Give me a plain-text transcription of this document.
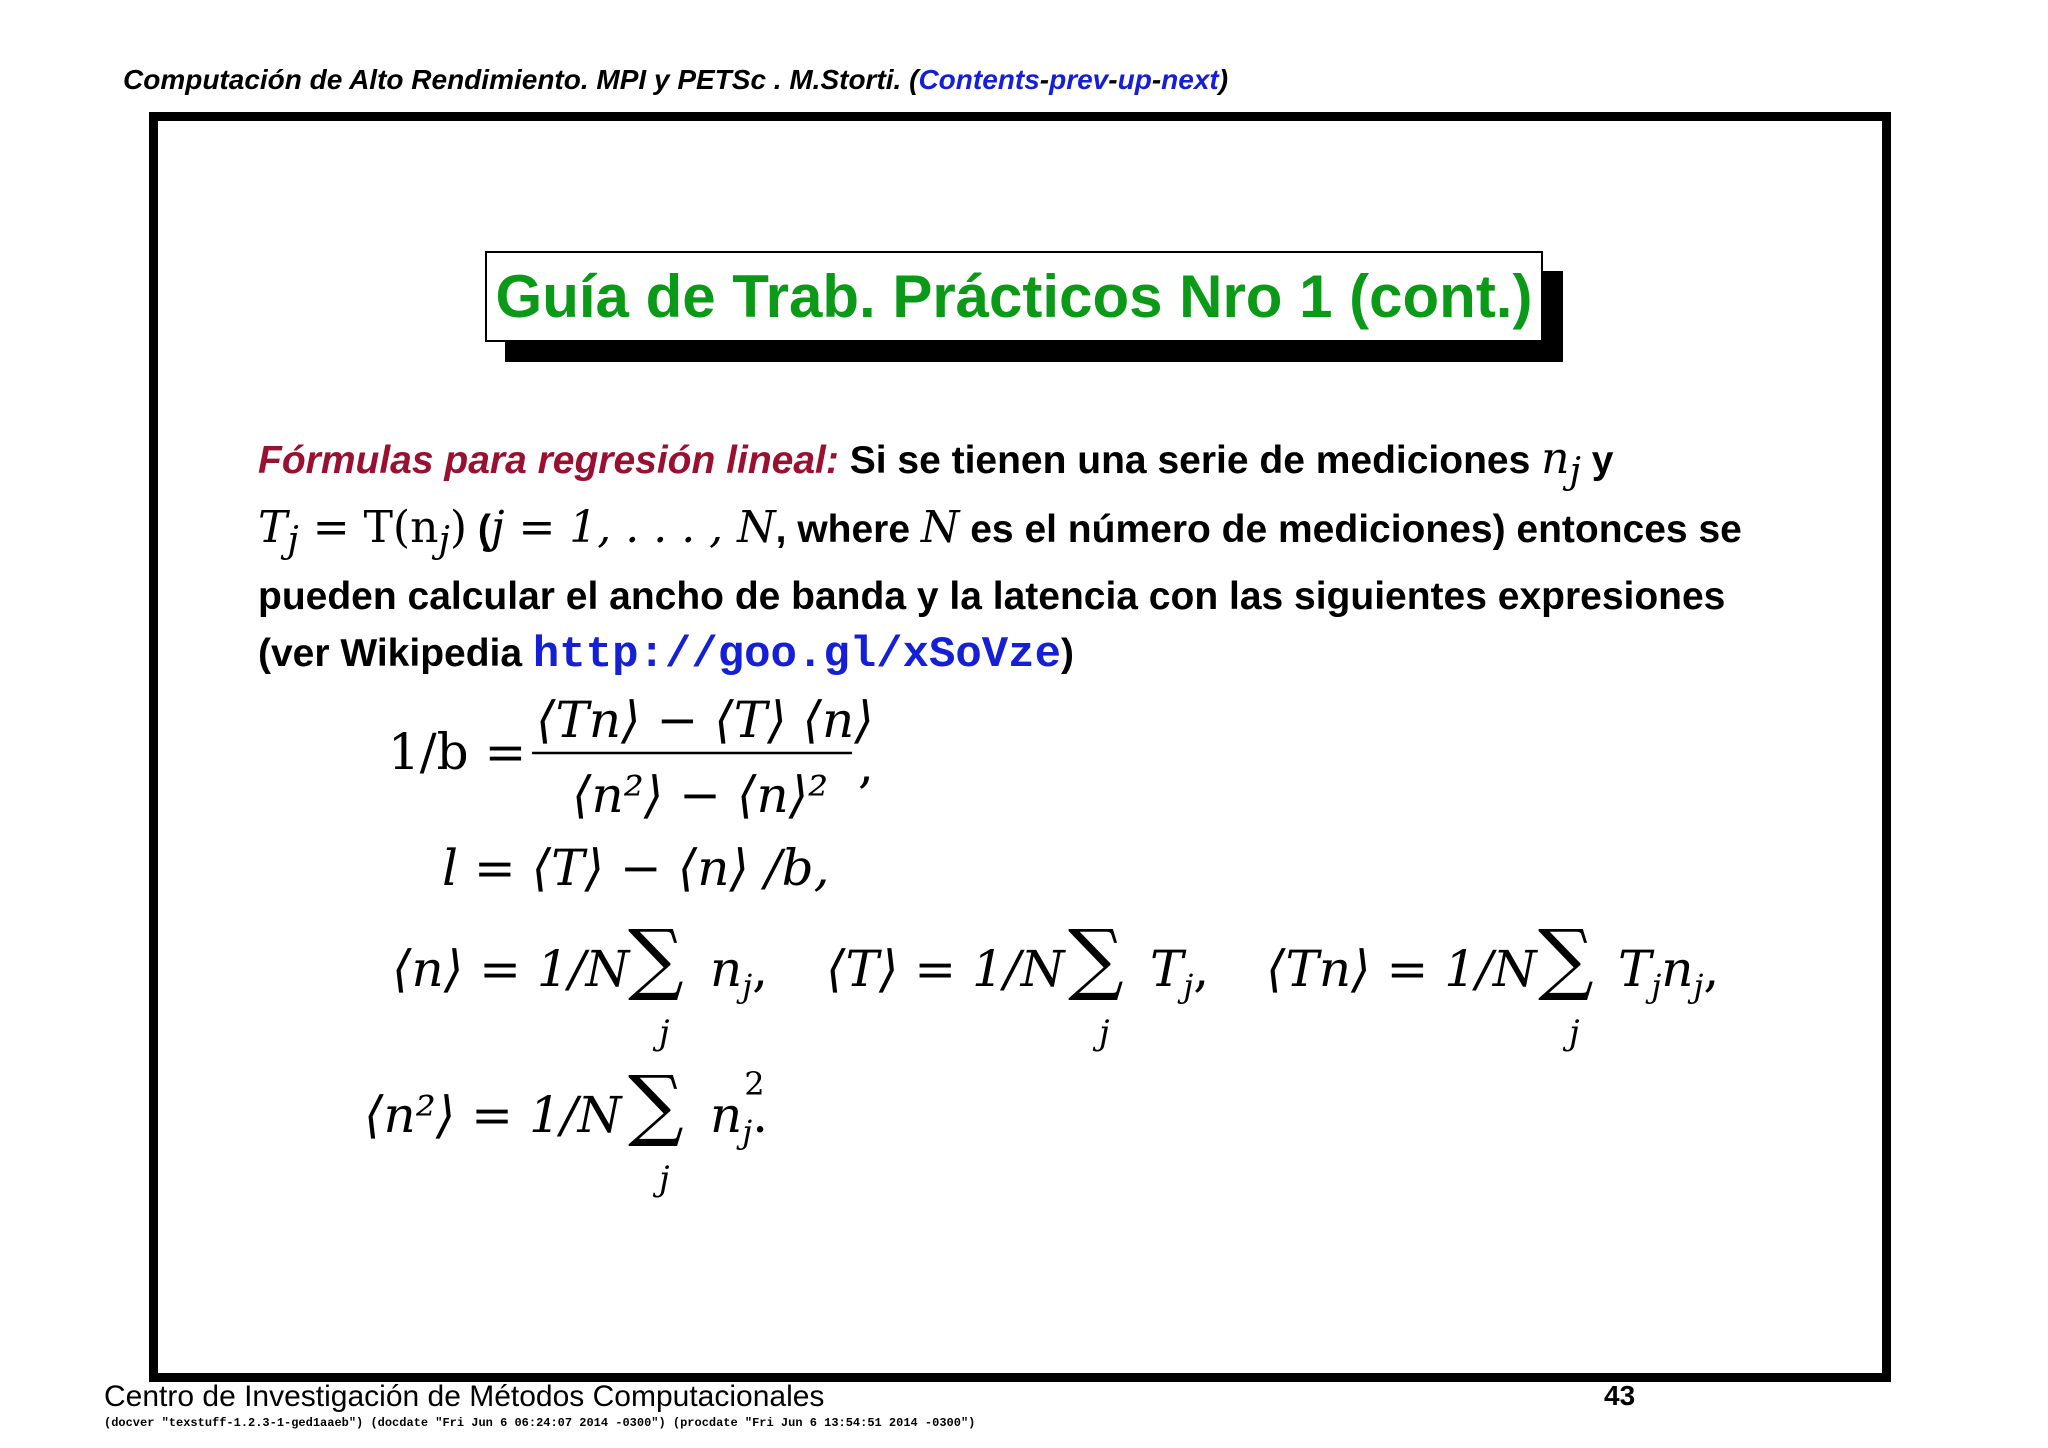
Computación de Alto Rendimiento. MPI y PETSc . M.Storti. (Contents-prev-up-next)
Guía de Trab. Prácticos Nro 1 (cont.)
Fórmulas para regresión lineal: Si se tienen una serie de mediciones $n_j$ y
$T_j = T(n_j) (j = 1$, . . . , N, where N es el número de mediciones) entonces se pueden calcular el ancho de banda y la latencia con las siguientes expresiones (ver Wikipedia http://goo.gl/xSoVze)
1/b =
⟨Tn⟩ − ⟨T⟩ ⟨n⟩
⟨n²⟩ − ⟨n⟩²
,
l = ⟨T⟩ − ⟨n⟩ /b,
⟨n⟩ = 1/N
∑
j
$n_j$, ⟨T⟩ = 1/N ∑
j
$T_j$, ⟨Tn⟩ = 1/N ∑
j
$T_jn_j$,
⟨n²⟩ = 1/N ∑
j
n
2
$_j$.
Centro de Investigación de Métodos Computacionales	43
(docver "texstuff-1.2.3-1-ged1aaeb") (docdate "Fri Jun 6 06:24:07 2014 -0300") (procdate "Fri Jun 6 13:54:51 2014 -0300")
